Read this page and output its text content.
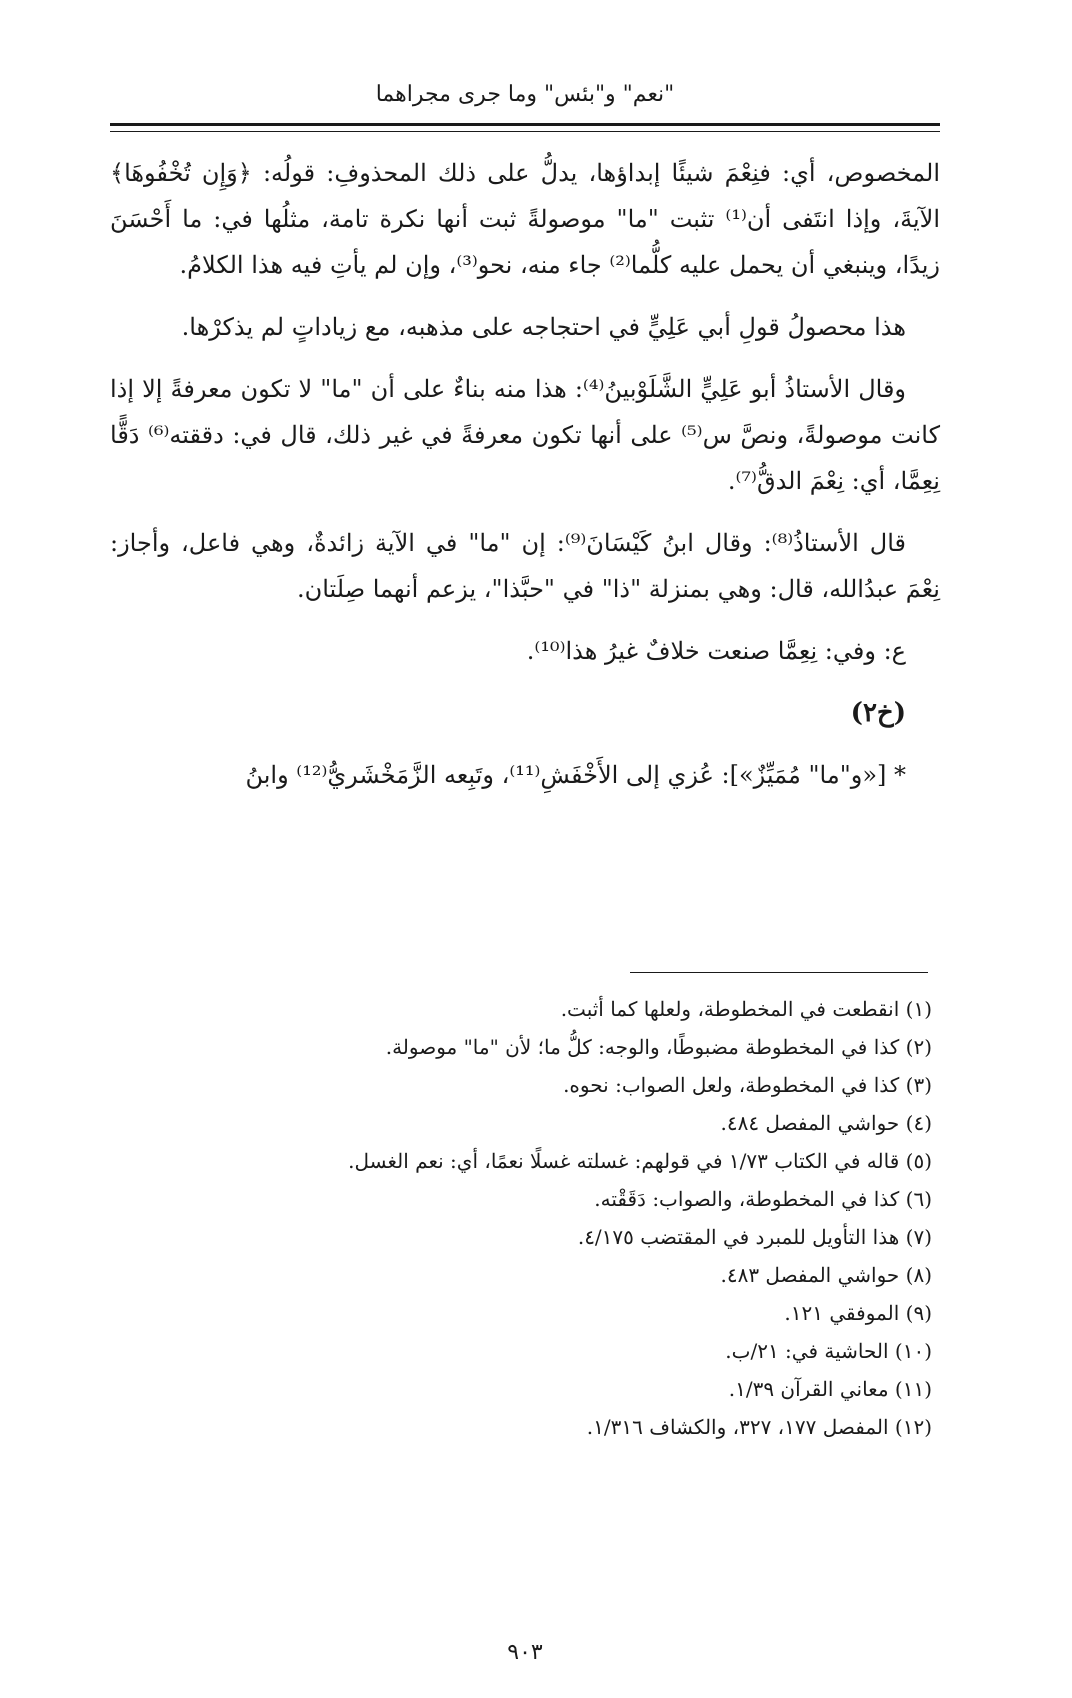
"نعم" و"بئس" وما جرى مجراهما

المخصوص، أي: فنِعْمَ شيئًا إبداؤها، يدلُّ على ذلك المحذوفِ: قولُه: ﴿وَإِن تُخْفُوهَا﴾ الآيةَ، وإذا انتَفى أن⁽¹⁾ تثبت "ما" موصولةً ثبت أنها نكرة تامة، مثلُها في: ما أَحْسَنَ زيدًا، وينبغي أن يحمل عليه كلُّما⁽²⁾ جاء منه، نحو⁽³⁾، وإن لم يأتِ فيه هذا الكلامُ.

هذا محصولُ قولِ أبي عَلِيٍّ في احتجاجه على مذهبه، مع زياداتٍ لم يذكرْها.

وقال الأستاذُ أبو عَلِيٍّ الشَّلَوْبينُ⁽⁴⁾: هذا منه بناءٌ على أن "ما" لا تكون معرفةً إلا إذا كانت موصولةً، ونصَّ س⁽⁵⁾ على أنها تكون معرفةً في غير ذلك، قال في: دققته⁽⁶⁾ دَقًّا نِعِمَّا، أي: نِعْمَ الدقُّ⁽⁷⁾.

قال الأستاذُ⁽⁸⁾: وقال ابنُ كَيْسَانَ⁽⁹⁾: إن "ما" في الآية زائدةٌ، وهي فاعل، وأجاز: نِعْمَ عبدُالله، قال: وهي بمنزلة "ذا" في "حبَّذا"، يزعم أنهما صِلَتان.

ع: وفي: نِعِمَّا صنعت خلافٌ غيرُ هذا⁽¹⁰⁾.

(خ٢)

* [«و"ما" مُمَيِّزٌ»]: عُزي إلى الأَخْفَشِ⁽¹¹⁾، وتَبِعه الزَّمَخْشَريُّ⁽¹²⁾ وابنُ

(١) انقطعت في المخطوطة، ولعلها كما أثبت.

(٢) كذا في المخطوطة مضبوطًا، والوجه: كلُّ ما؛ لأن "ما" موصولة.

(٣) كذا في المخطوطة، ولعل الصواب: نحوه.

(٤) حواشي المفصل ٤٨٤.

(٥) قاله في الكتاب ١/٧٣ في قولهم: غسلته غسلًا نعمًا، أي: نعم الغسل.

(٦) كذا في المخطوطة، والصواب: دَقَقْته.

(٧) هذا التأويل للمبرد في المقتضب ٤/١٧٥.

(٨) حواشي المفصل ٤٨٣.

(٩) الموفقي ١٢١.

(١٠) الحاشية في: ٢١/ب.

(١١) معاني القرآن ١/٣٩.

(١٢) المفصل ١٧٧، ٣٢٧، والكشاف ١/٣١٦.

٩٠٣
